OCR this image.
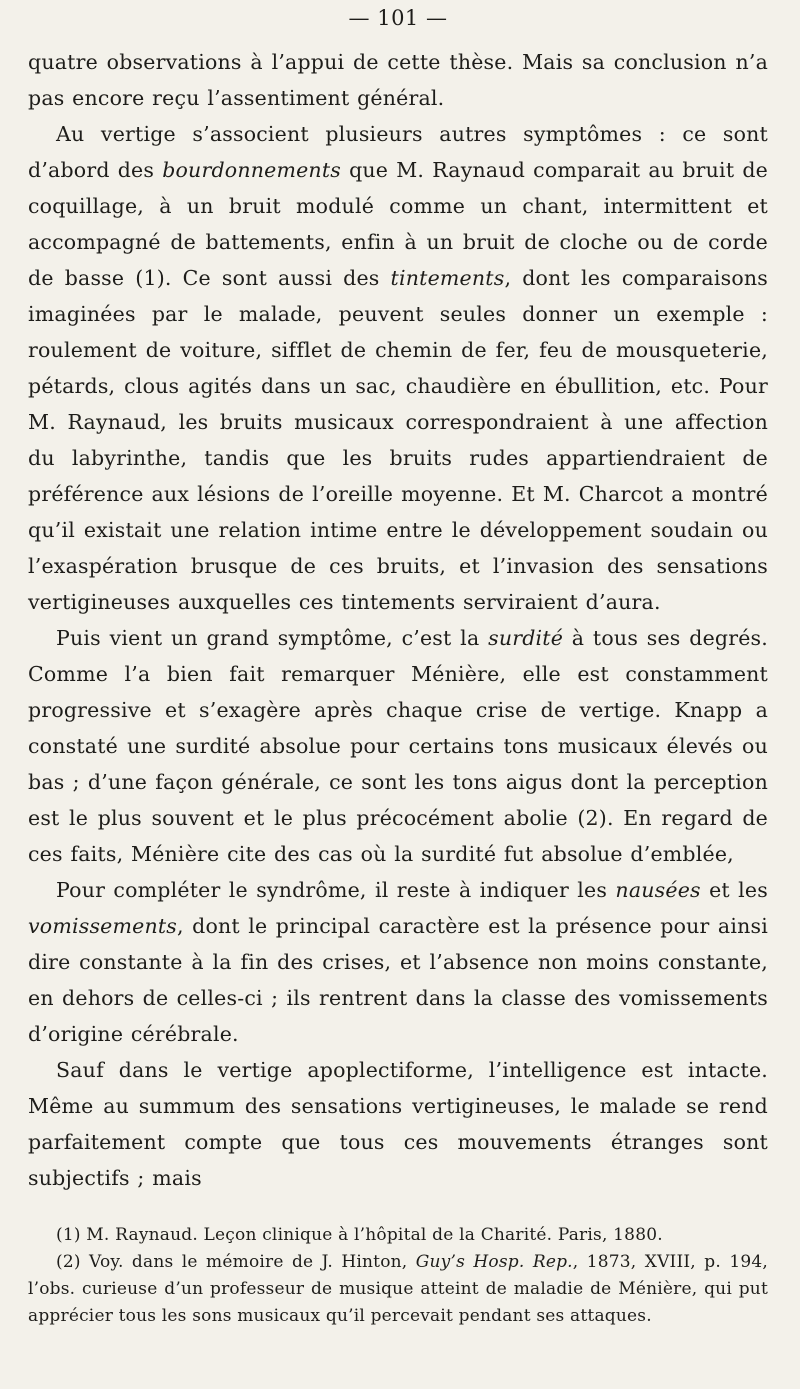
— 101 —

quatre observations à l’appui de cette thèse. Mais sa conclusion n’a pas encore reçu l’assentiment général.

Au vertige s’associent plusieurs autres symptômes : ce sont d’abord des bourdonnements que M. Raynaud comparait au bruit de coquillage, à un bruit modulé comme un chant, intermittent et accompagné de battements, enfin à un bruit de cloche ou de corde de basse (1). Ce sont aussi des tintements, dont les comparaisons imaginées par le malade, peuvent seules donner un exemple : roulement de voiture, sifflet de chemin de fer, feu de mousqueterie, pétards, clous agités dans un sac, chaudière en ébullition, etc. Pour M. Raynaud, les bruits musicaux correspondraient à une affection du labyrinthe, tandis que les bruits rudes appartiendraient de préférence aux lésions de l’oreille moyenne. Et M. Charcot a montré qu’il existait une relation intime entre le développement soudain ou l’exaspération brusque de ces bruits, et l’invasion des sensations vertigineuses auxquelles ces tintements serviraient d’aura.

Puis vient un grand symptôme, c’est la surdité à tous ses degrés. Comme l’a bien fait remarquer Ménière, elle est constamment progressive et s’exagère après chaque crise de vertige. Knapp a constaté une surdité absolue pour certains tons musicaux élevés ou bas ; d’une façon générale, ce sont les tons aigus dont la perception est le plus souvent et le plus précocément abolie (2). En regard de ces faits, Ménière cite des cas où la surdité fut absolue d’emblée,

Pour compléter le syndrôme, il reste à indiquer les nausées et les vomissements, dont le principal caractère est la présence pour ainsi dire constante à la fin des crises, et l’absence non moins constante, en dehors de celles-ci ; ils rentrent dans la classe des vomissements d’origine cérébrale.

Sauf dans le vertige apoplectiforme, l’intelligence est intacte. Même au summum des sensations vertigineuses, le malade se rend parfaitement compte que tous ces mouvements étranges sont subjectifs ; mais

(1) M. Raynaud. Leçon clinique à l’hôpital de la Charité. Paris, 1880.

(2) Voy. dans le mémoire de J. Hinton, Guy’s Hosp. Rep., 1873, XVIII, p. 194, l’obs. curieuse d’un professeur de musique atteint de maladie de Ménière, qui put apprécier tous les sons musicaux qu’il percevait pendant ses attaques.
